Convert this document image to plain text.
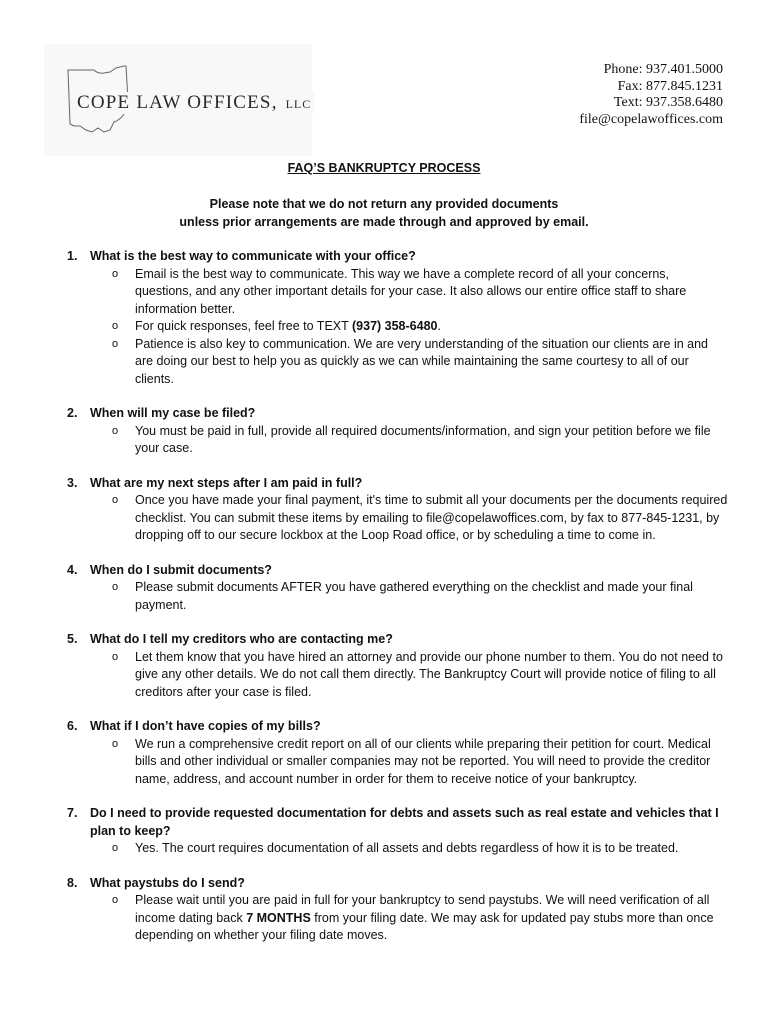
COPE LAW OFFICES, LLC
Phone: 937.401.5000
Fax: 877.845.1231
Text: 937.358.6480
file@copelawoffices.com
FAQ’S BANKRUPTCY PROCESS
Please note that we do not return any provided documents
unless prior arrangements are made through and approved by email.
1. What is the best way to communicate with your office?
o Email is the best way to communicate. This way we have a complete record of all your concerns, questions, and any other important details for your case. It also allows our entire office staff to share information better.
o For quick responses, feel free to TEXT (937) 358-6480.
o Patience is also key to communication. We are very understanding of the situation our clients are in and are doing our best to help you as quickly as we can while maintaining the same courtesy to all of our clients.
2. When will my case be filed?
o You must be paid in full, provide all required documents/information, and sign your petition before we file your case.
3. What are my next steps after I am paid in full?
o Once you have made your final payment, it's time to submit all your documents per the documents required checklist. You can submit these items by emailing to file@copelawoffices.com, by fax to 877-845-1231, by dropping off to our secure lockbox at the Loop Road office, or by scheduling a time to come in.
4. When do I submit documents?
o Please submit documents AFTER you have gathered everything on the checklist and made your final payment.
5. What do I tell my creditors who are contacting me?
o Let them know that you have hired an attorney and provide our phone number to them. You do not need to give any other details. We do not call them directly. The Bankruptcy Court will provide notice of filing to all creditors after your case is filed.
6. What if I don’t have copies of my bills?
o We run a comprehensive credit report on all of our clients while preparing their petition for court. Medical bills and other individual or smaller companies may not be reported. You will need to provide the creditor name, address, and account number in order for them to receive notice of your bankruptcy.
7. Do I need to provide requested documentation for debts and assets such as real estate and vehicles that I plan to keep?
o Yes. The court requires documentation of all assets and debts regardless of how it is to be treated.
8. What paystubs do I send?
o Please wait until you are paid in full for your bankruptcy to send paystubs. We will need verification of all income dating back 7 MONTHS from your filing date. We may ask for updated pay stubs more than once depending on whether your filing date moves.
